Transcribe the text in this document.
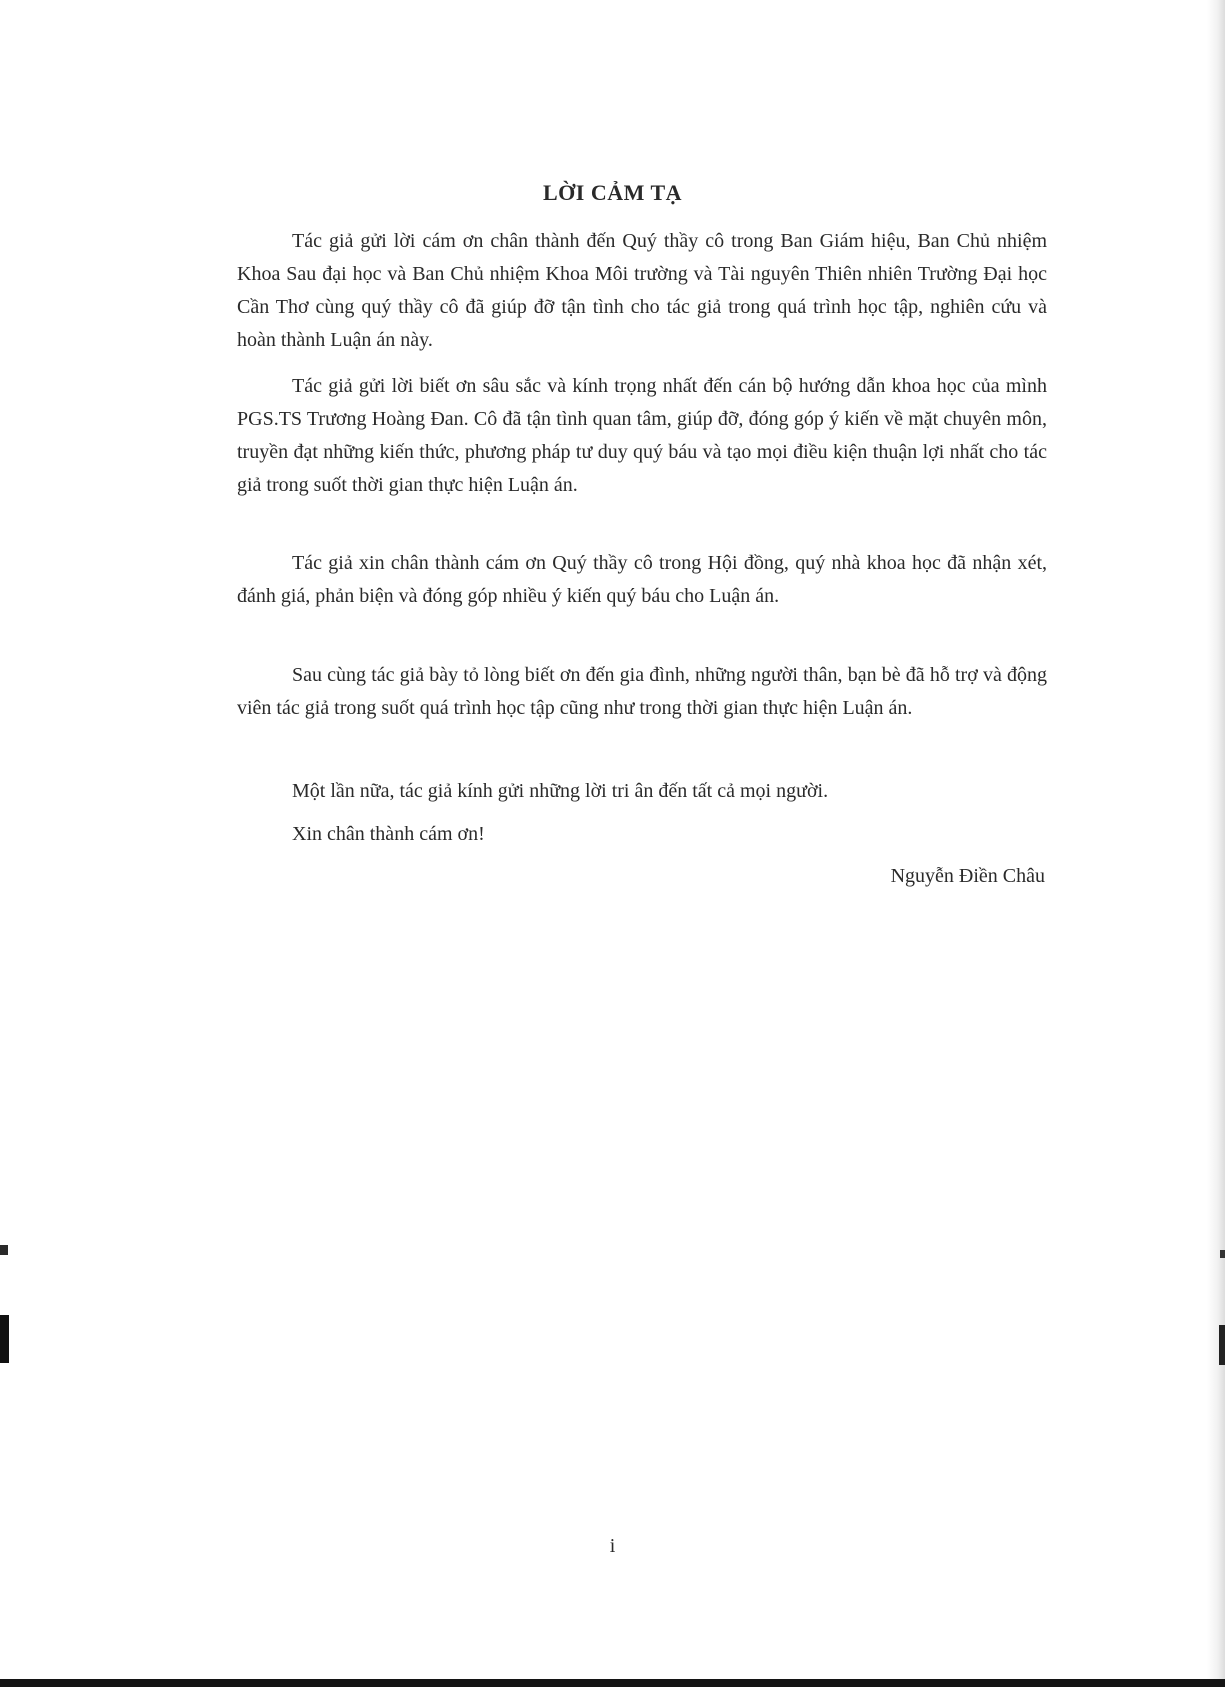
LỜI CẢM TẠ

Tác giả gửi lời cám ơn chân thành đến Quý thầy cô trong Ban Giám hiệu, Ban Chủ nhiệm Khoa Sau đại học và Ban Chủ nhiệm Khoa Môi trường và Tài nguyên Thiên nhiên Trường Đại học Cần Thơ cùng quý thầy cô đã giúp đỡ tận tình cho tác giả trong quá trình học tập, nghiên cứu và hoàn thành Luận án này.

Tác giả gửi lời biết ơn sâu sắc và kính trọng nhất đến cán bộ hướng dẫn khoa học của mình PGS.TS Trương Hoàng Đan. Cô đã tận tình quan tâm, giúp đỡ, đóng góp ý kiến về mặt chuyên môn, truyền đạt những kiến thức, phương pháp tư duy quý báu và tạo mọi điều kiện thuận lợi nhất cho tác giả trong suốt thời gian thực hiện Luận án.

Tác giả xin chân thành cám ơn Quý thầy cô trong Hội đồng, quý nhà khoa học đã nhận xét, đánh giá, phản biện và đóng góp nhiều ý kiến quý báu cho Luận án.

Sau cùng tác giả bày tỏ lòng biết ơn đến gia đình, những người thân, bạn bè đã hỗ trợ và động viên tác giả trong suốt quá trình học tập cũng như trong thời gian thực hiện Luận án.

Một lần nữa, tác giả kính gửi những lời tri ân đến tất cả mọi người.

Xin chân thành cám ơn!

Nguyễn Điền Châu
i
